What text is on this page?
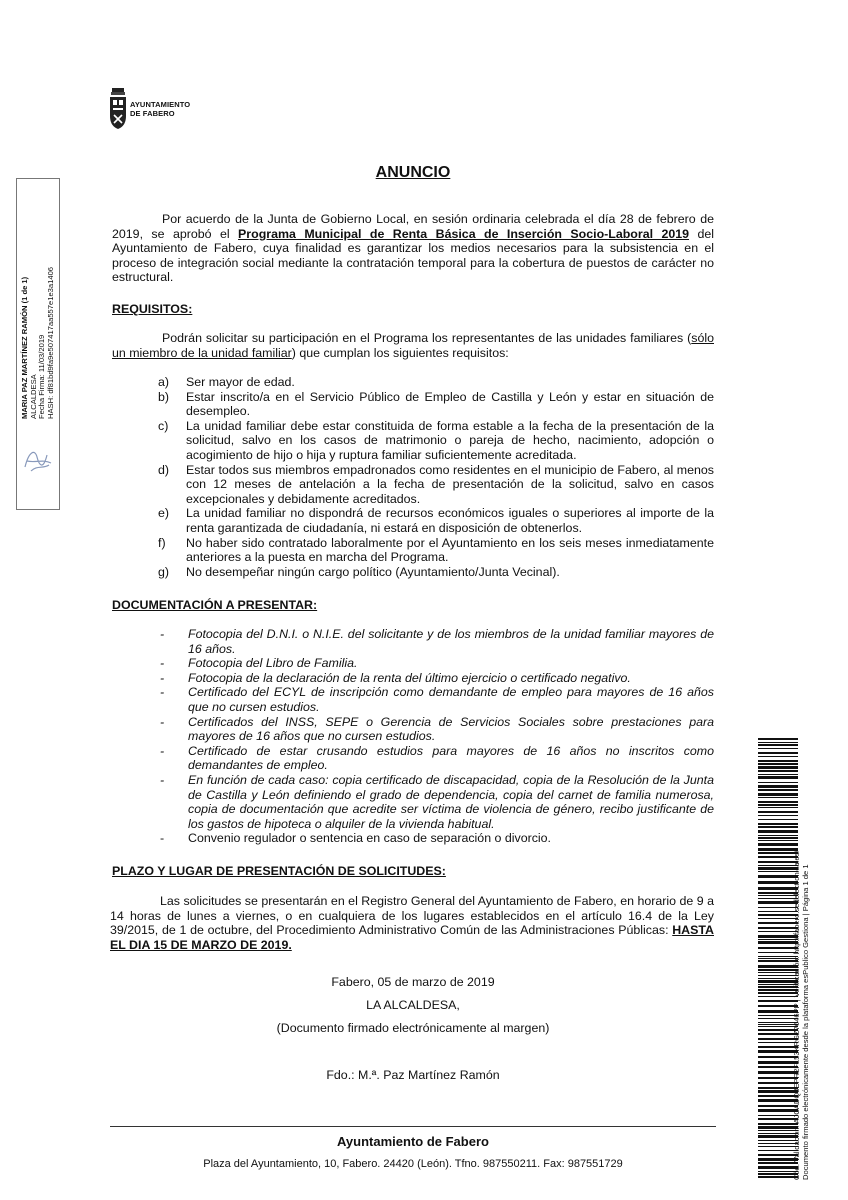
AYUNTAMIENTO
DE FABERO
MARIA PAZ MARTÍNEZ RAMÓN (1 de 1) ALCALDESA Fecha Firma: 11/03/2019 HASH: df81bd9fa9e507417aa557e1e3a1406
ANUNCIO
Por acuerdo de la Junta de Gobierno Local, en sesión ordinaria celebrada el día 28 de febrero de 2019, se aprobó el Programa Municipal de Renta Básica de Inserción Socio-Laboral 2019 del Ayuntamiento de Fabero, cuya finalidad es garantizar los medios necesarios para la subsistencia en el proceso de integración social mediante la contratación temporal para la cobertura de puestos de carácter no estructural.
REQUISITOS:
Podrán solicitar su participación en el Programa los representantes de las unidades familiares (sólo un miembro de la unidad familiar) que cumplan los siguientes requisitos:
a) Ser mayor de edad.
b) Estar inscrito/a en el Servicio Público de Empleo de Castilla y León y estar en situación de desempleo.
c) La unidad familiar debe estar constituida de forma estable a la fecha de la presentación de la solicitud, salvo en los casos de matrimonio o pareja de hecho, nacimiento, adopción o acogimiento de hijo o hija y ruptura familiar suficientemente acreditada.
d) Estar todos sus miembros empadronados como residentes en el municipio de Fabero, al menos con 12 meses de antelación a la fecha de presentación de la solicitud, salvo en casos excepcionales y debidamente acreditados.
e) La unidad familiar no dispondrá de recursos económicos iguales o superiores al importe de la renta garantizada de ciudadanía, ni estará en disposición de obtenerlos.
f) No haber sido contratado laboralmente por el Ayuntamiento en los seis meses inmediatamente anteriores a la puesta en marcha del Programa.
g) No desempeñar ningún cargo político (Ayuntamiento/Junta Vecinal).
DOCUMENTACIÓN A PRESENTAR:
- Fotocopia del D.N.I. o N.I.E. del solicitante y de los miembros de la unidad familiar mayores de 16 años.
- Fotocopia del Libro de Familia.
- Fotocopia de la declaración de la renta del último ejercicio o certificado negativo.
- Certificado del ECYL de inscripción como demandante de empleo para mayores de 16 años que no cursen estudios.
- Certificados del INSS, SEPE o Gerencia de Servicios Sociales sobre prestaciones para mayores de 16 años que no cursen estudios.
- Certificado de estar crusando estudios para mayores de 16 años no inscritos como demandantes de empleo.
- En función de cada caso: copia certificado de discapacidad, copia de la Resolución de la Junta de Castilla y León definiendo el grado de dependencia, copia del carnet de familia numerosa, copia de documentación que acredite ser víctima de violencia de género, recibo justificante de los gastos de hipoteca o alquiler de la vivienda habitual.
- Convenio regulador o sentencia en caso de separación o divorcio.
PLAZO Y LUGAR DE PRESENTACIÓN DE SOLICITUDES:
Las solicitudes se presentarán en el Registro General del Ayuntamiento de Fabero, en horario de 9 a 14 horas de lunes a viernes, o en cualquiera de los lugares establecidos en el artículo 16.4 de la Ley 39/2015, de 1 de octubre, del Procedimiento Administrativo Común de las Administraciones Públicas: HASTA EL DIA 15 DE MARZO DE 2019.
Fabero, 05 de marzo de 2019
LA ALCALDESA,
(Documento firmado electrónicamente al margen)
Fdo.: M.ª. Paz Martínez Ramón
Ayuntamiento de Fabero
Plaza del Ayuntamiento, 10, Fabero. 24420 (León). Tfno. 987550211. Fax: 987551729	Cód. Validación: AJCADQ3EPR2FL53KRGZ7646PP | Verificación: http://fabero.sedelectronica.es/ Documento firmado electrónicamente desde la plataforma esPublico Gestiona | Página 1 de 1
